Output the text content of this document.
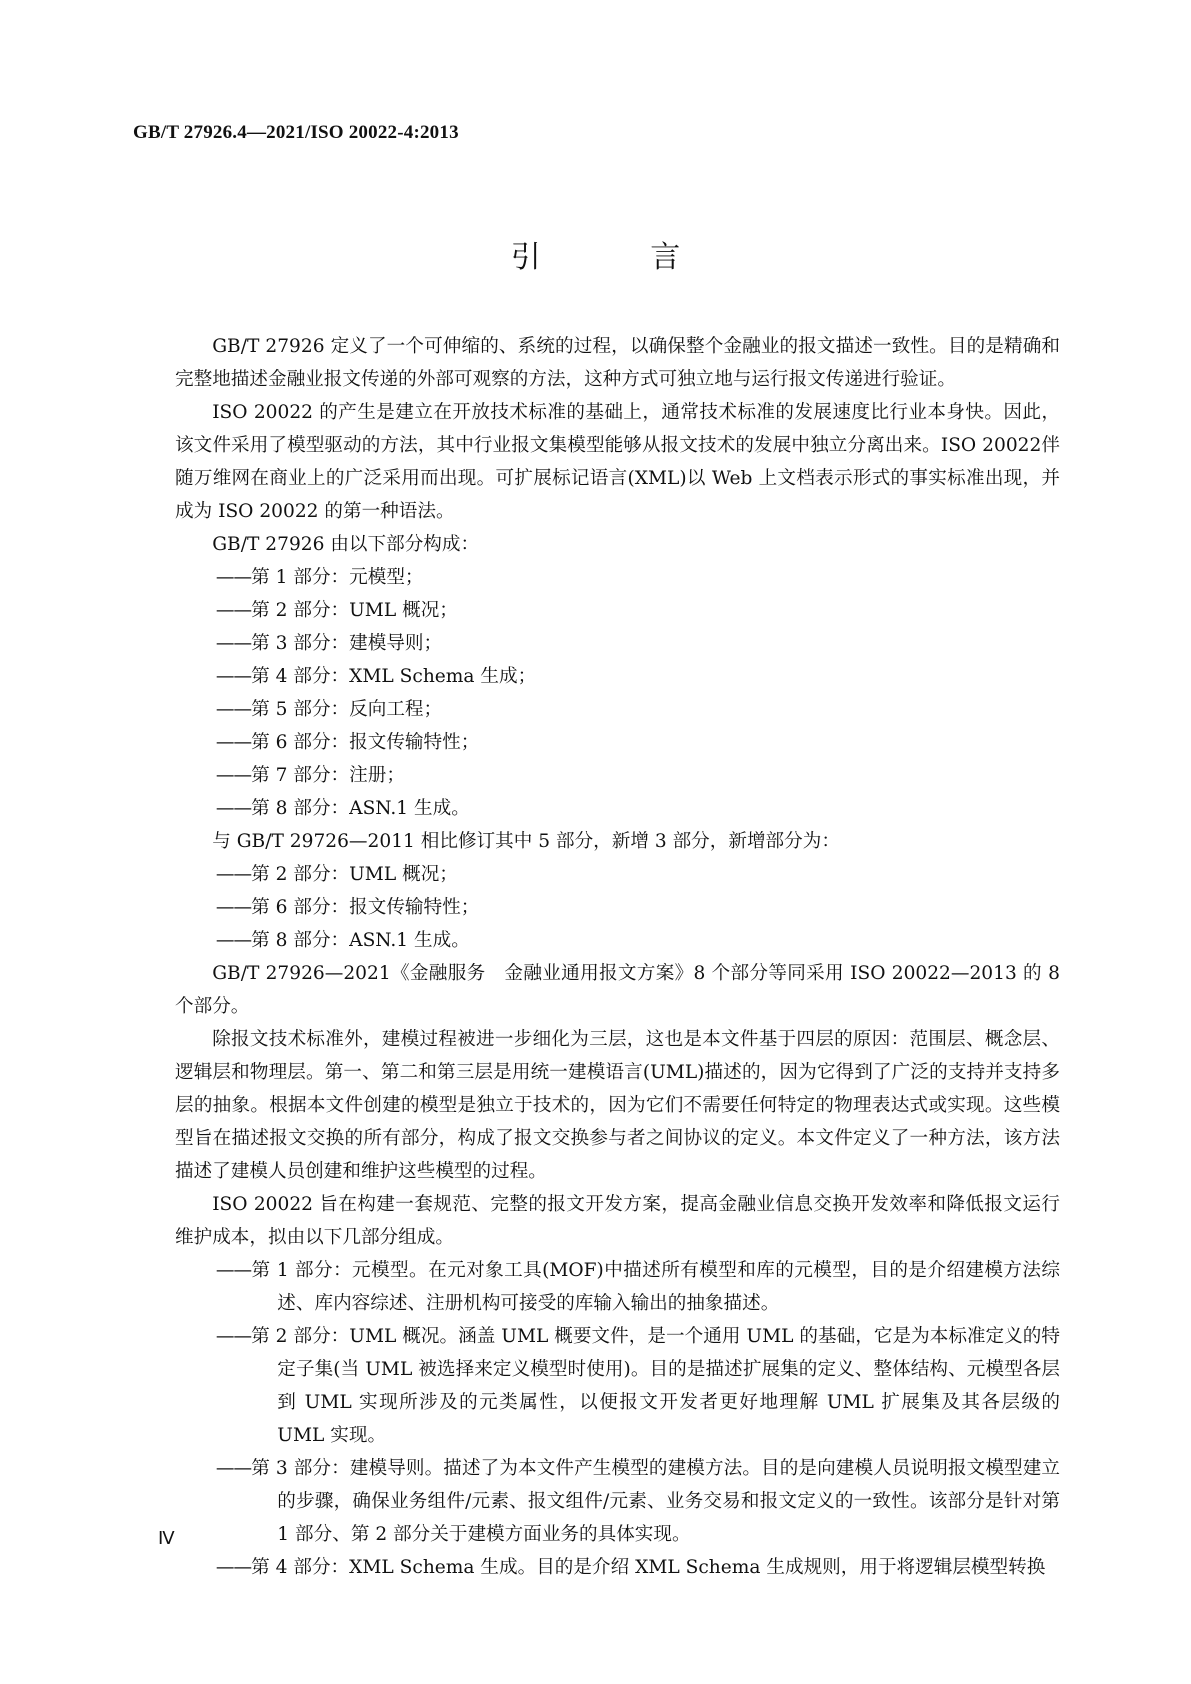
GB/T 27926.4—2021/ISO 20022-4:2013
引 言

GB/T 27926 定义了一个可伸缩的、系统的过程，以确保整个金融业的报文描述一致性。目的是精确和完整地描述金融业报文传递的外部可观察的方法，这种方式可独立地与运行报文传递进行验证。

ISO 20022 的产生是建立在开放技术标准的基础上，通常技术标准的发展速度比行业本身快。因此，该文件采用了模型驱动的方法，其中行业报文集模型能够从报文技术的发展中独立分离出来。ISO 20022伴随万维网在商业上的广泛采用而出现。可扩展标记语言(XML)以 Web 上文档表示形式的事实标准出现，并成为 ISO 20022 的第一种语法。

GB/T 27926 由以下部分构成：

——第 1 部分：元模型；

——第 2 部分：UML 概况；

——第 3 部分：建模导则；

——第 4 部分：XML Schema 生成；

——第 5 部分：反向工程；

——第 6 部分：报文传输特性；

——第 7 部分：注册；

——第 8 部分：ASN.1 生成。

与 GB/T 29726—2011 相比修订其中 5 部分，新增 3 部分，新增部分为：

——第 2 部分：UML 概况；

——第 6 部分：报文传输特性；

——第 8 部分：ASN.1 生成。

GB/T 27926—2021《金融服务　金融业通用报文方案》8 个部分等同采用 ISO 20022—2013 的 8 个部分。

除报文技术标准外，建模过程被进一步细化为三层，这也是本文件基于四层的原因：范围层、概念层、逻辑层和物理层。第一、第二和第三层是用统一建模语言(UML)描述的，因为它得到了广泛的支持并支持多层的抽象。根据本文件创建的模型是独立于技术的，因为它们不需要任何特定的物理表达式或实现。这些模型旨在描述报文交换的所有部分，构成了报文交换参与者之间协议的定义。本文件定义了一种方法，该方法描述了建模人员创建和维护这些模型的过程。

ISO 20022 旨在构建一套规范、完整的报文开发方案，提高金融业信息交换开发效率和降低报文运行维护成本，拟由以下几部分组成。

——第 1 部分：元模型。在元对象工具(MOF)中描述所有模型和库的元模型，目的是介绍建模方法综述、库内容综述、注册机构可接受的库输入输出的抽象描述。

——第 2 部分：UML 概况。涵盖 UML 概要文件，是一个通用 UML 的基础，它是为本标准定义的特定子集(当 UML 被选择来定义模型时使用)。目的是描述扩展集的定义、整体结构、元模型各层到 UML 实现所涉及的元类属性，以便报文开发者更好地理解 UML 扩展集及其各层级的 UML 实现。

——第 3 部分：建模导则。描述了为本文件产生模型的建模方法。目的是向建模人员说明报文模型建立的步骤，确保业务组件/元素、报文组件/元素、业务交易和报文定义的一致性。该部分是针对第 1 部分、第 2 部分关于建模方面业务的具体实现。

——第 4 部分：XML Schema 生成。目的是介绍 XML Schema 生成规则，用于将逻辑层模型转换

Ⅳ
